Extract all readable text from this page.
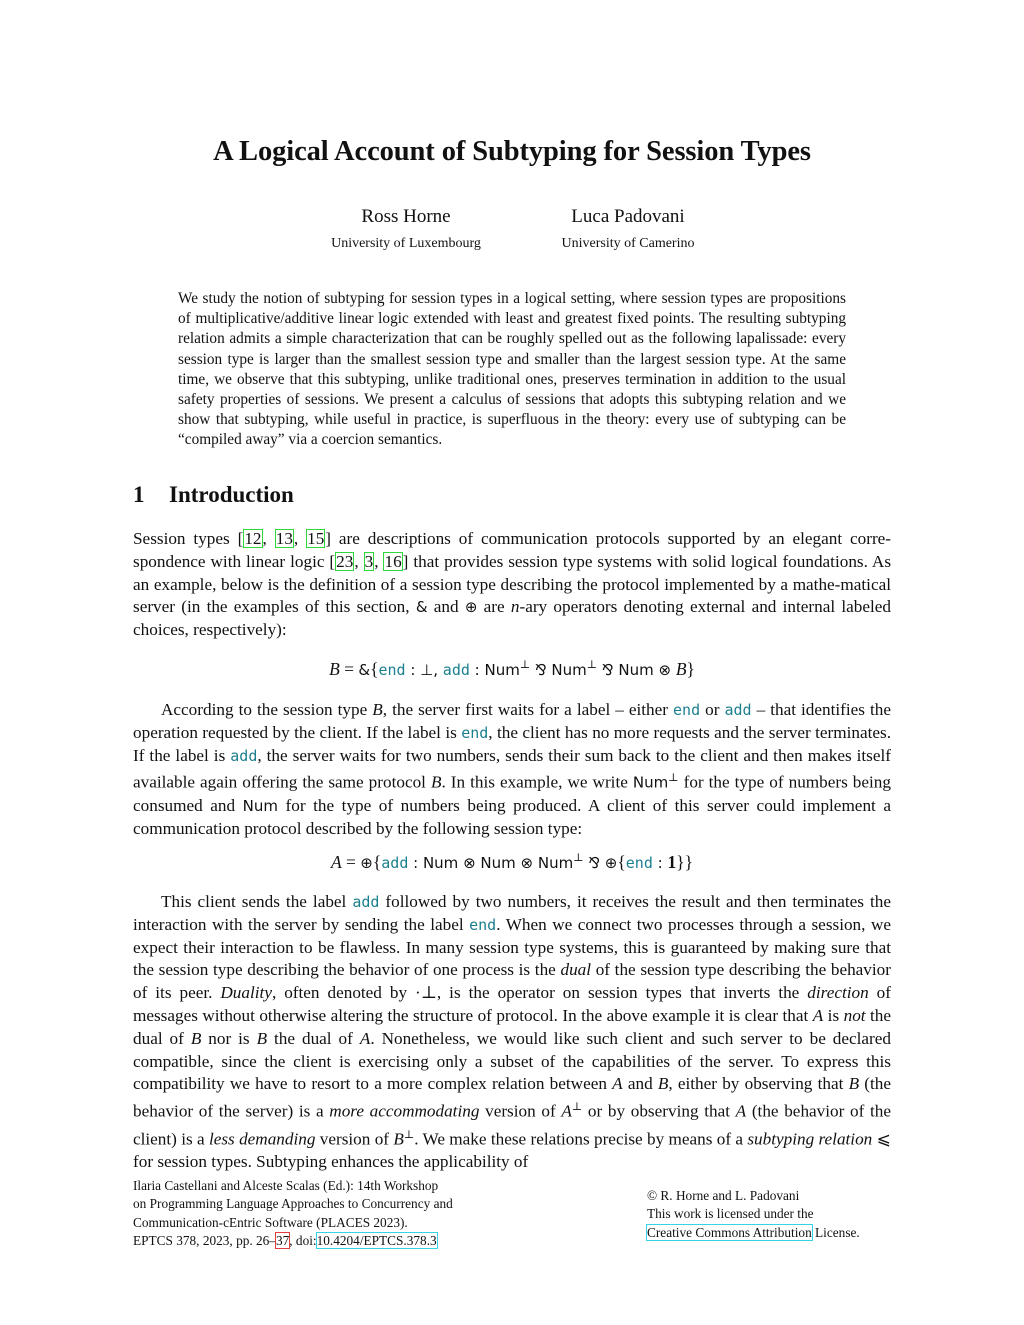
A Logical Account of Subtyping for Session Types
Ross Horne
University of Luxembourg
Luca Padovani
University of Camerino
We study the notion of subtyping for session types in a logical setting, where session types are propositions of multiplicative/additive linear logic extended with least and greatest fixed points. The resulting subtyping relation admits a simple characterization that can be roughly spelled out as the following lapalissade: every session type is larger than the smallest session type and smaller than the largest session type. At the same time, we observe that this subtyping, unlike traditional ones, preserves termination in addition to the usual safety properties of sessions. We present a calculus of sessions that adopts this subtyping relation and we show that subtyping, while useful in practice, is superfluous in the theory: every use of subtyping can be “compiled away” via a coercion semantics.
1 Introduction

Session types [12, 13, 15] are descriptions of communication protocols supported by an elegant corre-spondence with linear logic [23, 3, 16] that provides session type systems with solid logical foundations. As an example, below is the definition of a session type describing the protocol implemented by a mathe-matical server (in the examples of this section, & and ⊕ are n-ary operators denoting external and internal labeled choices, respectively):

B = &{end : ⊥, add : Num⊥ ⅋ Num⊥ ⅋ Num ⊗ B}

According to the session type B, the server first waits for a label – either end or add – that identifies the operation requested by the client. If the label is end, the client has no more requests and the server terminates. If the label is add, the server waits for two numbers, sends their sum back to the client and then makes itself available again offering the same protocol B. In this example, we write Num⊥ for the type of numbers being consumed and Num for the type of numbers being produced. A client of this server could implement a communication protocol described by the following session type:

A = ⊕{add : Num ⊗ Num ⊗ Num⊥ ⅋ ⊕{end : 1}}

This client sends the label add followed by two numbers, it receives the result and then terminates the interaction with the server by sending the label end. When we connect two processes through a session, we expect their interaction to be flawless. In many session type systems, this is guaranteed by making sure that the session type describing the behavior of one process is the dual of the session type describing the behavior of its peer. Duality, often denoted by ·⊥, is the operator on session types that inverts the direction of messages without otherwise altering the structure of protocol. In the above example it is clear that A is not the dual of B nor is B the dual of A. Nonetheless, we would like such client and such server to be declared compatible, since the client is exercising only a subset of the capabilities of the server. To express this compatibility we have to resort to a more complex relation between A and B, either by observing that B (the behavior of the server) is a more accommodating version of A⊥ or by observing that A (the behavior of the client) is a less demanding version of B⊥. We make these relations precise by means of a subtyping relation ⩽ for session types. Subtyping enhances the applicability of

Ilaria Castellani and Alceste Scalas (Ed.): 14th Workshop
on Programming Language Approaches to Concurrency and
Communication-cEntric Software (PLACES 2023).
EPTCS 378, 2023, pp. 26–37, doi:10.4204/EPTCS.378.3
© R. Horne and L. Padovani
This work is licensed under the
Creative Commons Attribution License.
